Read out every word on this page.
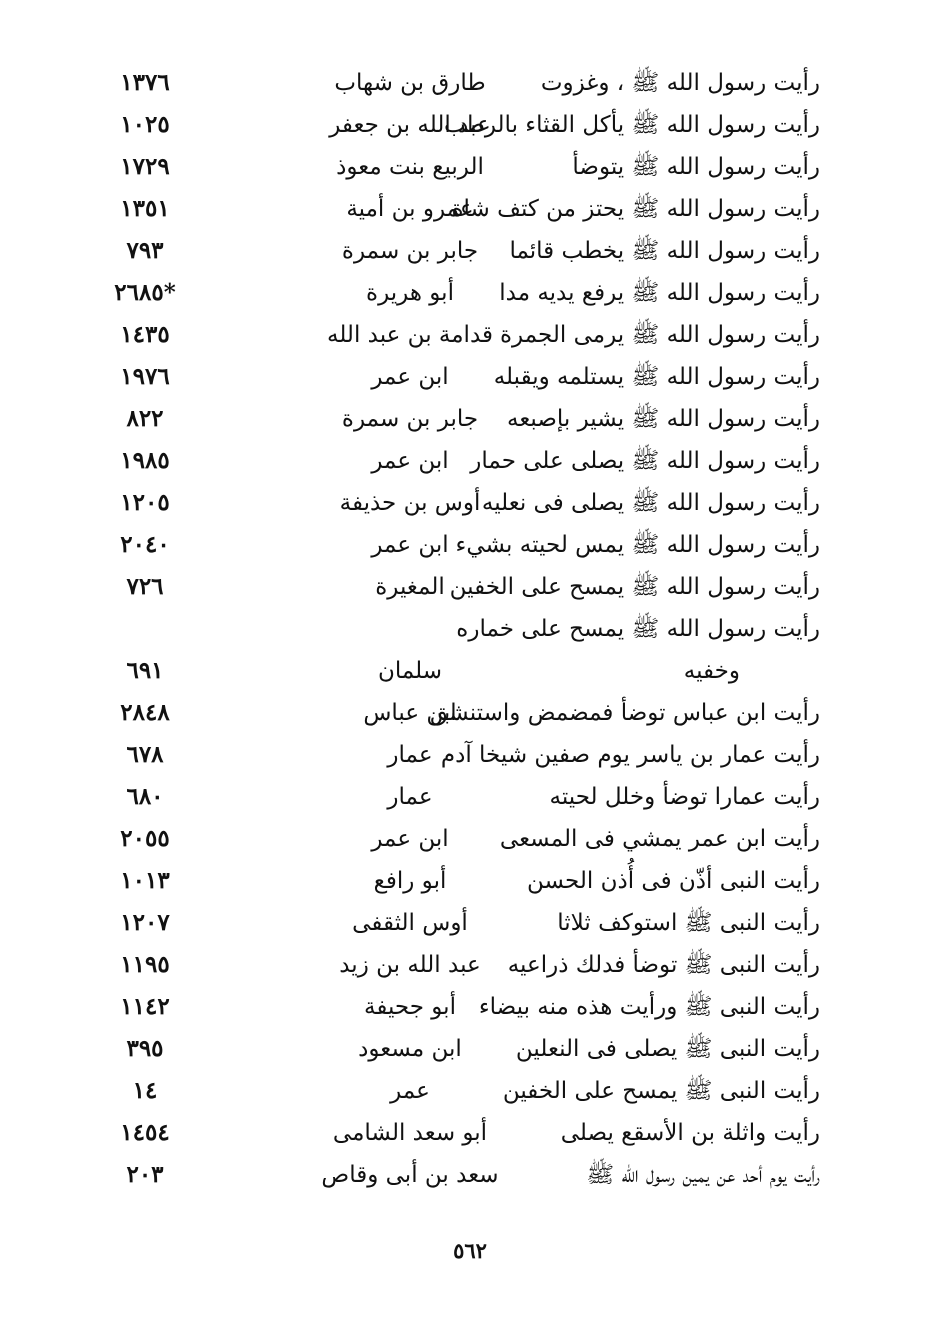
رأيت رسول الله ﷺ ، وغزوت
طارق بن شهاب
١٣٧٦
رأيت رسول الله ﷺ يأكل القثاء بالرطب
عبد الله بن جعفر
١٠٢٥
رأيت رسول الله ﷺ يتوضأ
الربيع بنت معوذ
١٧٢٩
رأيت رسول الله ﷺ يحتز من كتف شاة
عمرو بن أمية
١٣٥١
رأيت رسول الله ﷺ يخطب قائما
جابر بن سمرة
٧٩٣
رأيت رسول الله ﷺ يرفع يديه مدا
أبو هريرة
٢٦٨٥*
رأيت رسول الله ﷺ يرمى الجمرة
قدامة بن عبد الله
١٤٣٥
رأيت رسول الله ﷺ يستلمه ويقبله
ابن عمر
١٩٧٦
رأيت رسول الله ﷺ يشير بإصبعه
جابر بن سمرة
٨٢٢
رأيت رسول الله ﷺ يصلى على حمار
ابن عمر
١٩٨٥
رأيت رسول الله ﷺ يصلى فى نعليه
أوس بن حذيفة
١٢٠٥
رأيت رسول الله ﷺ يمس لحيته بشيء
ابن عمر
٢٠٤٠
رأيت رسول الله ﷺ يمسح على الخفين
المغيرة
٧٢٦
رأيت رسول الله ﷺ يمسح على خماره
وخفيه
سلمان
٦٩١
رأيت ابن عباس توضأ فمضمض واستنشق
ابن عباس
٢٨٤٨
رأيت عمار بن ياسر يوم صفين شيخا آدم
عمار
٦٧٨
رأيت عمارا توضأ وخلل لحيته
عمار
٦٨٠
رأيت ابن عمر يمشي فى المسعى
ابن عمر
٢٠٥٥
رأيت النبى أذّن فى أُذن الحسن
أبو رافع
١٠١٣
رأيت النبى ﷺ استوكف ثلاثا
أوس الثقفى
١٢٠٧
رأيت النبى ﷺ توضأ فدلك ذراعيه
عبد الله بن زيد
١١٩٥
رأيت النبى ﷺ ورأيت هذه منه بيضاء
أبو جحيفة
١١٤٢
رأيت النبى ﷺ يصلى فى النعلين
ابن مسعود
٣٩٥
رأيت النبى ﷺ يمسح على الخفين
عمر
١٤
رأيت واثلة بن الأسقع يصلى
أبو سعد الشامى
١٤٥٤
رأيت يوم أحد عن يمين رسول الله ﷺ
سعد بن أبى وقاص
٢٠٣
٥٦٢
